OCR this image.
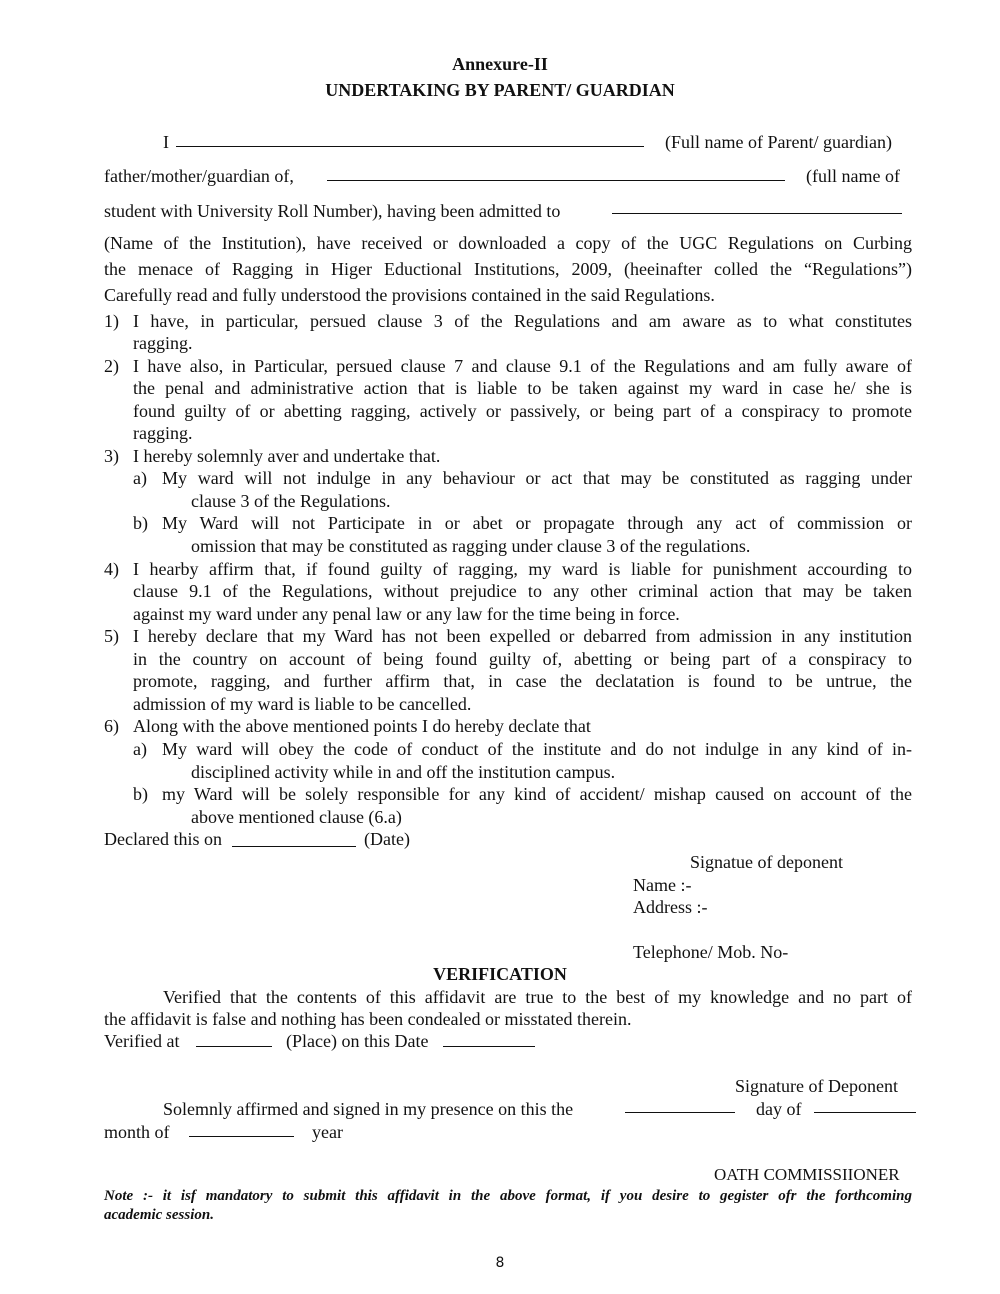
Annexure-II
UNDERTAKING BY PARENT/ GUARDIAN
I	(Full name of Parent/ guardian)
father/mother/guardian of,	(full name of
student with University Roll Number), having been admitted to
(Name of the Institution), have received or downloaded a copy of the UGC Regulations on Curbing
the menace of Ragging in Higer Eductional Institutions, 2009, (heeinafter colled the “Regulations”)
Carefully read and fully understood the provisions contained in the said Regulations.
1) I have, in particular, persued clause 3 of the Regulations and am aware as to what constitutes
ragging.
2) I have also, in Particular, persued clause 7 and clause 9.1 of the Regulations and am fully aware of
the penal and administrative action that is liable to be taken against my ward in case he/ she is
found guilty of or abetting ragging, actively or passively, or being part of a conspiracy to promote
ragging.
3) I hereby solemnly aver and undertake that.
a) My ward will not indulge in any behaviour or act that may be constituted as ragging under
clause 3 of the Regulations.
b) My Ward will not Participate in or abet or propagate through any act of commission or
omission that may be constituted as ragging under clause 3 of the regulations.
4) I hearby affirm that, if found guilty of ragging, my ward is liable for punishment accourding to
clause 9.1 of the Regulations, without prejudice to any other criminal action that may be taken
against my ward under any penal law or any law for the time being in force.
5) I hereby declare that my Ward has not been expelled or debarred from admission in any institution
in the country on account of being found guilty of, abetting or being part of a conspiracy to
promote, ragging, and further affirm that, in case the declatation is found to be untrue, the
admission of my ward is liable to be cancelled.
6) Along with the above mentioned points I do hereby declate that
a) My ward will obey the code of conduct of the institute and do not indulge in any kind of in-
disciplined activity while in and off the institution campus.
b) my Ward will be solely responsible for any kind of accident/ mishap caused on account of the
above mentioned clause (6.a)
Declared this on	(Date)
Signatue of deponent
Name :-
Address :-
Telephone/ Mob. No-
VERIFICATION
Verified that the contents of this affidavit are true to the best of my knowledge and no part of
the affidavit is false and nothing has been condealed or misstated therein.
Verified at	(Place) on this Date
Signature of Deponent
Solemnly affirmed and signed in my presence on this the	day of
month of	year
OATH COMMISSIIONER
Note :- it isf mandatory to submit this affidavit in the above format, if you desire to gegister ofr the forthcoming
academic session.
8
